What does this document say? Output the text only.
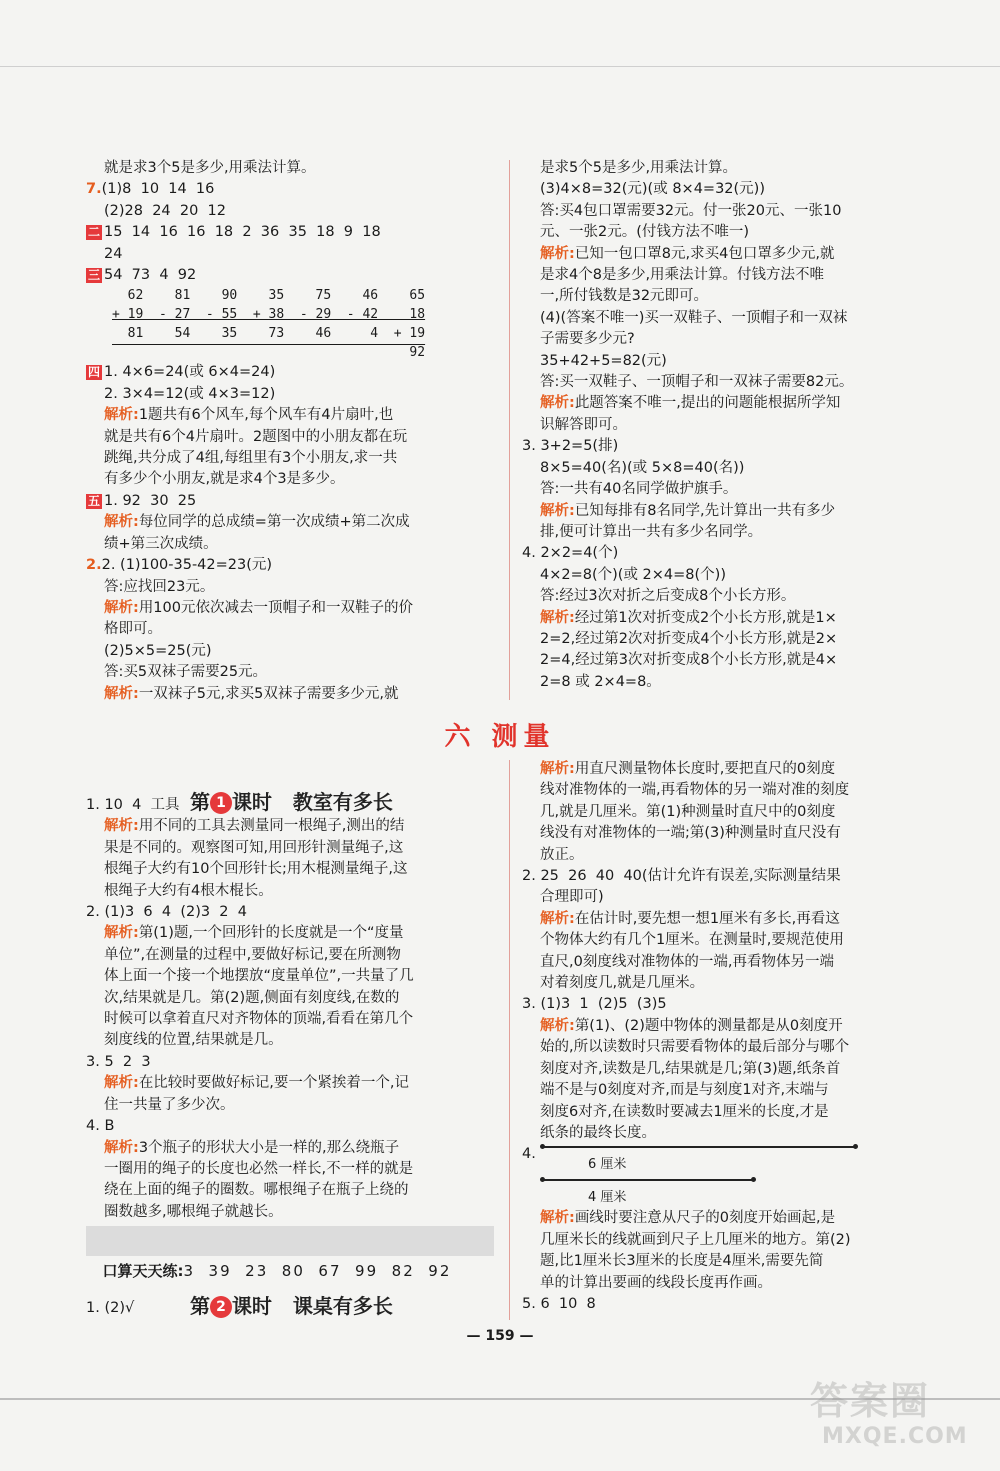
就是求3个5是多少,用乘法计算。
7.(1)8  10  14  16
(2)28  24  20  12
二 15  14  16  16  18  2  36  35  18  9  18
24
三 54  73  4  92
62    81    90    35    75    46    65
+ 19  - 27  - 55  + 38  - 29  - 42    18
81    54    35    73    46     4  + 19
92
四 1. 4×6=24(或 6×4=24)
2. 3×4=12(或 4×3=12)
解析:1题共有6个风车,每个风车有4片扇叶,也
就是共有6个4片扇叶。2题图中的小朋友都在玩
跳绳,共分成了4组,每组里有3个小朋友,求一共
有多少个小朋友,就是求4个3是多少。
五 1. 92  30  25
解析:每位同学的总成绩=第一次成绩+第二次成
绩+第三次成绩。
2.2. (1)100-35-42=23(元)
答:应找回23元。
解析:用100元依次减去一顶帽子和一双鞋子的价
格即可。
(2)5×5=25(元)
答:买5双袜子需要25元。
解析:一双袜子5元,求买5双袜子需要多少元,就
是求5个5是多少,用乘法计算。
(3)4×8=32(元)(或 8×4=32(元))
答:买4包口罩需要32元。付一张20元、一张10
元、一张2元。(付钱方法不唯一)
解析:已知一包口罩8元,求买4包口罩多少元,就
是求4个8是多少,用乘法计算。付钱方法不唯
一,所付钱数是32元即可。
(4)(答案不唯一)买一双鞋子、一顶帽子和一双袜
子需要多少元?
35+42+5=82(元)
答:买一双鞋子、一顶帽子和一双袜子需要82元。
解析:此题答案不唯一,提出的问题能根据所学知
识解答即可。
3. 3+2=5(排)
8×5=40(名)(或 5×8=40(名))
答:一共有40名同学做护旗手。
解析:已知每排有8名同学,先计算出一共有多少
排,便可计算出一共有多少名同学。
4. 2×2=4(个)
4×2=8(个)(或 2×4=8(个))
答:经过3次对折之后变成8个小长方形。
解析:经过第1次对折变成2个小长方形,就是1×
2=2,经过第2次对折变成4个小长方形,就是2×
2=4,经过第3次对折变成8个小长方形,就是4×
2=8 或 2×4=8。
六 测量

第 1 课时   教室有多长

1. 10  4  工具
解析:用不同的工具去测量同一根绳子,测出的结
果是不同的。观察图可知,用回形针测量绳子,这
根绳子大约有10个回形针长;用木棍测量绳子,这
根绳子大约有4根木棍长。
2. (1)3  6  4  (2)3  2  4
解析:第(1)题,一个回形针的长度就是一个“度量
单位”,在测量的过程中,要做好标记,要在所测物
体上面一个接一个地摆放“度量单位”,一共量了几
次,结果就是几。第(2)题,侧面有刻度线,在数的
时候可以拿着直尺对齐物体的顶端,看看在第几个
刻度线的位置,结果就是几。
3. 5  2  3
解析:在比较时要做好标记,要一个紧挨着一个,记
住一共量了多少次。
4. B
解析:3个瓶子的形状大小是一样的,那么绕瓶子
一圈用的绳子的长度也必然一样长,不一样的就是
绕在上面的绳子的圈数。哪根绳子在瓶子上绕的
圈数越多,哪根绳子就越长。

口算天天练:3  39  23  80  67  99  82  92

第 2 课时   课桌有多长

1. (2)√
解析:用直尺测量物体长度时,要把直尺的0刻度
线对准物体的一端,再看物体的另一端对准的刻度
几,就是几厘米。第(1)种测量时直尺中的0刻度
线没有对准物体的一端;第(3)种测量时直尺没有
放正。
2. 25  26  40  40(估计允许有误差,实际测量结果
合理即可)
解析:在估计时,要先想一想1厘米有多长,再看这
个物体大约有几个1厘米。在测量时,要规范使用
直尺,0刻度线对准物体的一端,再看物体另一端
对着刻度几,就是几厘米。
3. (1)3  1  (2)5  (3)5
解析:第(1)、(2)题中物体的测量都是从0刻度开
始的,所以读数时只需要看物体的最后部分与哪个
刻度对齐,读数是几,结果就是几;第(3)题,纸条首
端不是与0刻度对齐,而是与刻度1对齐,末端与
刻度6对齐,在读数时要减去1厘米的长度,才是
纸条的最终长度。
4.
解析:画线时要注意从尺子的0刻度开始画起,是
几厘米长的线就画到尺子上几厘米的地方。第(2)
题,比1厘米长3厘米的长度是4厘米,需要先简
单的计算出要画的线段长度再作画。
5. 6  10  8
6 厘米
4 厘米
— 159 —
答案圈
MXQE.COM
